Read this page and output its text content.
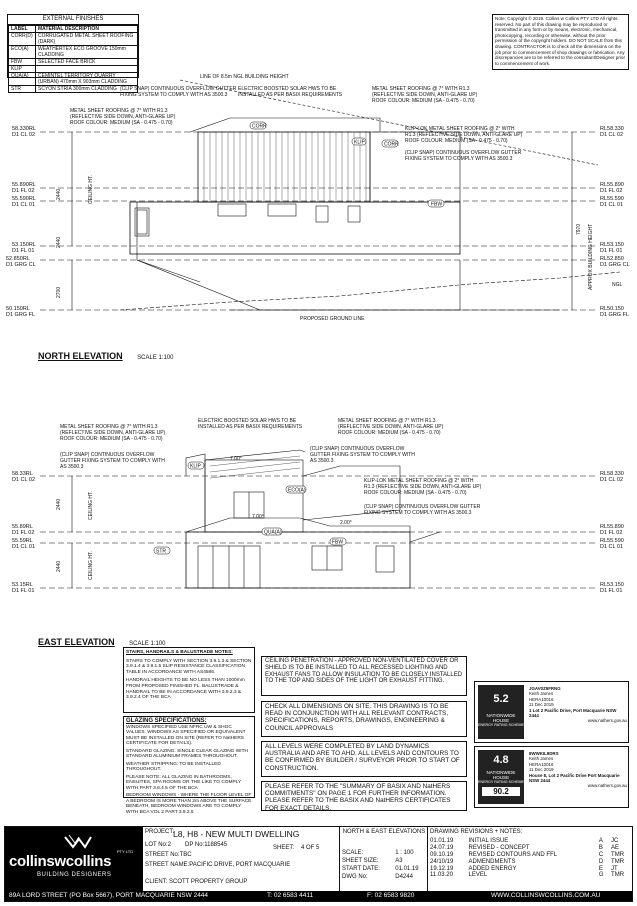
EXTERNAL FINISHES
LABEL	MATERIAL DESCRIPTION
CORR(D)	CORRUGATED METAL SHEET ROOFING (DARK)
ECO(A)	WEATHERTEX ECO GROOVE 150mm CLADDING
FBW	SELECTED FACE BRICK
KLIP	
QUA(A)	CEMINTEL TERRITORY QUARRY (URBAN) 470mm X 903mm CLADDING
STR	SCYON STRIA 300mm CLADDING
Note: Copyright © 2019. Collins w Collins PTY LTD All rights reserved. No part of this drawing may be reproduced or transmitted in any form or by means, electronic, mechanical, photocopying, recording or otherwise, without the prior permission of the copyright holders. DO NOT SCALE from this drawing. CONTRACTOR is to check all the dimensions on the job prior to commencement of shop drawings or fabrication. Any discrepancies are to be referred to the consultant/Designer prior to commencement of work.
CORR
KLIP	CORR
FBW
2440
2440
2700
7970
CEILING HT.
APPROX BUILDING HEIGHT	NGL
PROPOSED GROUND LINE
LINE OF 8.5m NGL BUILDING HEIGHT
(CLIP SNAP) CONTINUOUS OVERFLOW GUTTER FIXING SYSTEM TO COMPLY WITH AS 3500.3
ELECTRIC BOOSTED SOLAR HWS TO BE INSTALLED AS PER BASIX REQUIREMENTS
METAL SHEET ROOFING @ 7° WITH R1.3 (REFLECTIVE SIDE DOWN, ANTI-GLARE UP) ROOF COLOUR: MEDIUM (SA - 0.475 - 0.70)
METAL SHEET ROOFING @ 7° WITH R1.3 (REFLECTIVE SIDE DOWN, ANTI-GLARE UP) ROOF COLOUR: MEDIUM (SA - 0.475 - 0.70)
KLIP-LOK METAL SHEET ROOFING @ 2° WITH R1.3 (REFLECTIVE SIDE DOWN, ANTI-GLARE UP) ROOF COLOUR: MEDIUM (SA - 0.475 - 0.70)
(CLIP SNAP) CONTINUOUS OVERFLOW GUTTER FIXING SYSTEM TO COMPLY WITH AS 3500.3
58.330RL
D1 CL 02
55.890RL
D1 FL 02
55.590RL
D1 CL 01
53.150RL
D1 FL 01
52.850RL
D1 GRG CL
50.150RL
D1 GRG FL
RL58.330
D1 CL 02
RL55.890
D1 FL 02
RL55.590
D1 CL 01
RL53.150
D1 FL 01
RL52.850
D1 GRG CL
RL50.150
D1 GRG FL
NORTH ELEVATION SCALE 1:100
KLIP
ECO(A)
QUA(A)
STR
FBW
7.00°
7.00°
2.00°
2440
2440
CEILING HT.
CEILING HT.
METAL SHEET ROOFING @ 7° WITH R1.3 (REFLECTIVE SIDE DOWN, ANTI-GLARE UP) ROOF COLOUR: MEDIUM (SA - 0.475 - 0.70)
ELECTRIC BOOSTED SOLAR HWS TO BE INSTALLED AS PER BASIX REQUIREMENTS
METAL SHEET ROOFING @ 7° WITH R1.3 (REFLECTIVE SIDE DOWN, ANTI-GLARE UP) ROOF COLOUR: MEDIUM (SA - 0.475 - 0.70)
(CLIP SNAP) CONTINUOUS OVERFLOW GUTTER FIXING SYSTEM TO COMPLY WITH AS 3500.3
(CLIP SNAP) CONTINUOUS OVERFLOW GUTTER FIXING SYSTEM TO COMPLY WITH AS 3500.3
KLIP-LOK METAL SHEET ROOFING @ 2° WITH R1.3 (REFLECTIVE SIDE DOWN, ANTI-GLARE UP) ROOF COLOUR: MEDIUM (SA - 0.475 - 0.70)
(CLIP SNAP) CONTINUOUS OVERFLOW GUTTER FIXING SYSTEM TO COMPLY WITH AS 3500.3
58.33RL
D1 CL 02
55.89RL
D1 FL 02
55.59RL
D1 CL 01
53.15RL
D1 FL 01
RL58.330
D1 CL 02
RL55.890
D1 FL 02
RL55.590
D1 CL 01
RL53.150
D1 FL 01
EAST ELEVATION SCALE 1:100
STAIRS, HANDRAILS & BALUSTRADE NOTES:
STAIRS TO COMPLY WITH SECTION 3.9.1.3 & SECTION 3.9.1.4 & 3.9.1.5 SLIP RESISTANCE CLASSIFICATION TABLE IN ACCORDANCE WITH AS4586.
HANDRAIL HEIGHTS TO BE NO LESS THAN 1000mm FROM PROPOSED FINISHED FL. BALUSTRADE & HANDRAIL TO BE IN ACCORDANCE WITH 3.9.2.3 & 3.9.2.4 OF THE BCA
GLAZING SPECIFICATIONS:
WINDOWS SPECIFIED USE NFRC UW & SHGC VALUES. WINDOWS AS SPECIFIED OR EQUIVALENT MUST BE INSTALLED ON SITE (REFER TO NatHERS CERTIFICATE FOR DETAILS).
STANDARD GLAZING: SINGLE CLEAR GLAZING WITH STANDARD ALUMINIUM FRAMES THROUGHOUT.
WEATHER STRIPPING: TO BE INSTALLED THROUGHOUT.
PLEASE NOTE: ALL GLAZING IN BATHROOMS, ENSUITES, SPA ROOMS OR THE LIKE TO COMPLY WITH PART 3.6.4.5 OF THE BCA
BEDROOM WINDOWS - WHERE THE FLOOR LEVEL OF A BEDROOM IS MORE THAN 2m ABOVE THE SURFACE BENEATH, BEDROOM WINDOWS ARE TO COMPLY WITH BCA VOL 2 PART 3.9.2.5
CEILING PENETRATION - APPROVED NON-VENTILATED COVER OR SHIELD IS TO BE INSTALLED TO ALL RECESSED LIGHTING AND EXHAUST FANS TO ALLOW INSULATION TO BE CLOSELY INSTALLED TO THE TOP AND SIDES OF THE LIGHT OR EXHAUST FITTING.
CHECK ALL DIMENSIONS ON SITE. THIS DRAWING IS TO BE READ IN CONJUNCTION WITH ALL RELEVANT CONTRACTS, SPECIFICATIONS, REPORTS, DRAWINGS, ENGINEERING & COUNCIL APPROVALS
ALL LEVELS WERE COMPLETED BY LAND DYNAMICS AUSTRALIA AND ARE TO AHD. ALL LEVELS AND CONTOURS TO BE CONFIRMED BY BUILDER / SURVEYOR PRIOR TO START OF CONSTRUCTION.
PLEASE REFER TO THE "SUMMARY OF BASIX AND NatHERS COMMITMENTS" ON PAGE 1 FOR FURTHER INFORMATION. PLEASE REFER TO THE BASIX AND NatHERS CERTIFICATES FOR EXACT DETAILS.
5.2
NATIONWIDE HOUSE
ENERGY RATING SCHEME
JGAV0Z9FRNG
Keith James
HERA10016
11 Dec 2019
1 Lot 2 Pacific Drive, Port Macquarie NSW 2444
www.nathers.gov.au
4.8
NATIONWIDE HOUSE
ENERGY RATING SCHEME
90.2
8WWKIL9DRS
Keith James
HERA10016
11 Dec 2019
House 8, Lot 2 Pacific Drive Port Macquarie NSW 2444
www.nathers.gov.au
PTY LTD
collinswcollins
BUILDING DESIGNERS
PROJECT:
L8, H8 - NEW MULTI DWELLING
LOT No:2 DP No:1188545
STREET No:TBC
SHEET: 4 OF 5
STREET NAME:PACIFIC DRIVE, PORT MACQUARIE
CLIENT: SCOTT PROPERTY GROUP
NORTH & EAST ELEVATIONS
SCALE:	1 : 100
SHEET SIZE:	A3
START DATE:	01.01.19
DWG No:	D4244
DRAWING REVISIONS + NOTES:
01.01.19	INITIAL ISSUE	A	JC
24.07.19	REVISED - CONCEPT	B	AE
09.10.19	REVISED CONTOURS AND FFL	C	TMR
24/10/19	ADMENDMENTS	D	TMR
19.12.19	ADDED ENERGY	E	JT
11.03.20	LEVEL	G	TMR
89A LORD STREET (PO Box 5667), PORT MACQUARIE NSW 2444	T: 02 6583 4411	F: 02 6583 9820	WWW.COLLINSWCOLLINS.COM.AU
